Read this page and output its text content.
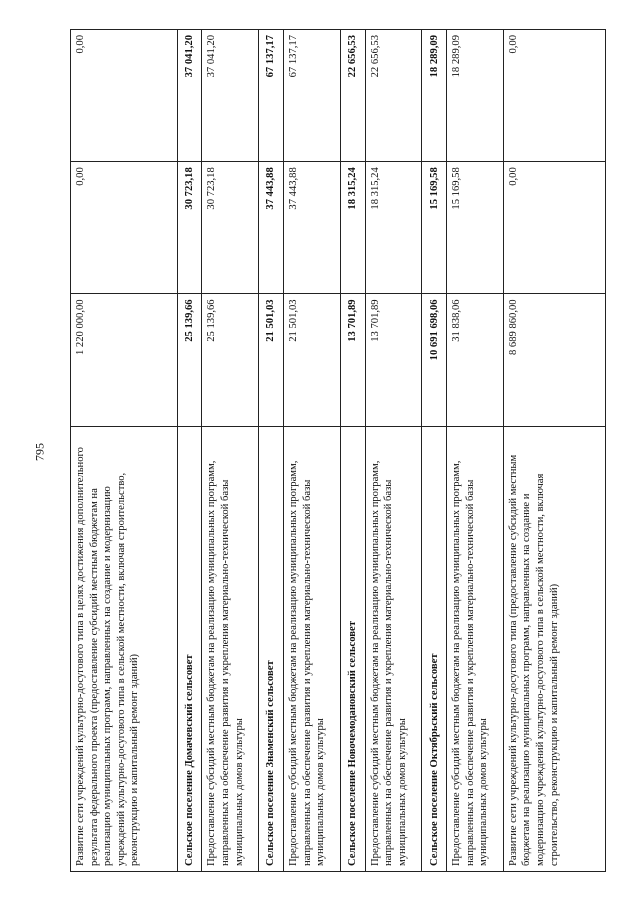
795	Развитие сети учреждений культурно-досугового типа в целях достижения дополнительного результата федерального проекта (предоставление субсидий местным бюджетам на реализацию муниципальных программ, направленных на создание и модернизацию учреждений культурно-досугового типа в сельской местности, включая строительство, реконструкцию и капитальный ремонт зданий)	1 220 000,00	0,00	0,00
Сельское поселение Домачевский сельсовет	25 139,66	30 723,18	37 041,20
Предоставление субсидий местным бюджетам на реализацию муниципальных программ, направленных на обеспечение развития и укрепления материально-технической базы муниципальных домов культуры	25 139,66	30 723,18	37 041,20
Сельское поселение Знаменский сельсовет	21 501,03	37 443,88	67 137,17
Предоставление субсидий местным бюджетам на реализацию муниципальных программ, направленных на обеспечение развития и укрепления материально-технической базы муниципальных домов культуры	21 501,03	37 443,88	67 137,17
Сельское поселение Новочемодановский сельсовет	13 701,89	18 315,24	22 656,53
Предоставление субсидий местным бюджетам на реализацию муниципальных программ, направленных на обеспечение развития и укрепления материально-технической базы муниципальных домов культуры	13 701,89	18 315,24	22 656,53
Сельское поселение Октябрьский сельсовет	10 691 698,06	15 169,58	18 289,09
Предоставление субсидий местным бюджетам на реализацию муниципальных программ, направленных на обеспечение развития и укрепления материально-технической базы муниципальных домов культуры	31 838,06	15 169,58	18 289,09
Развитие сети учреждений культурно-досугового типа (предоставление субсидий местным бюджетам на реализацию муниципальных программ, направленных на создание и модернизацию учреждений культурно-досугового типа в сельской местности, включая строительство, реконструкцию и капитальный ремонт зданий)	8 689 860,00	0,00	0,00
